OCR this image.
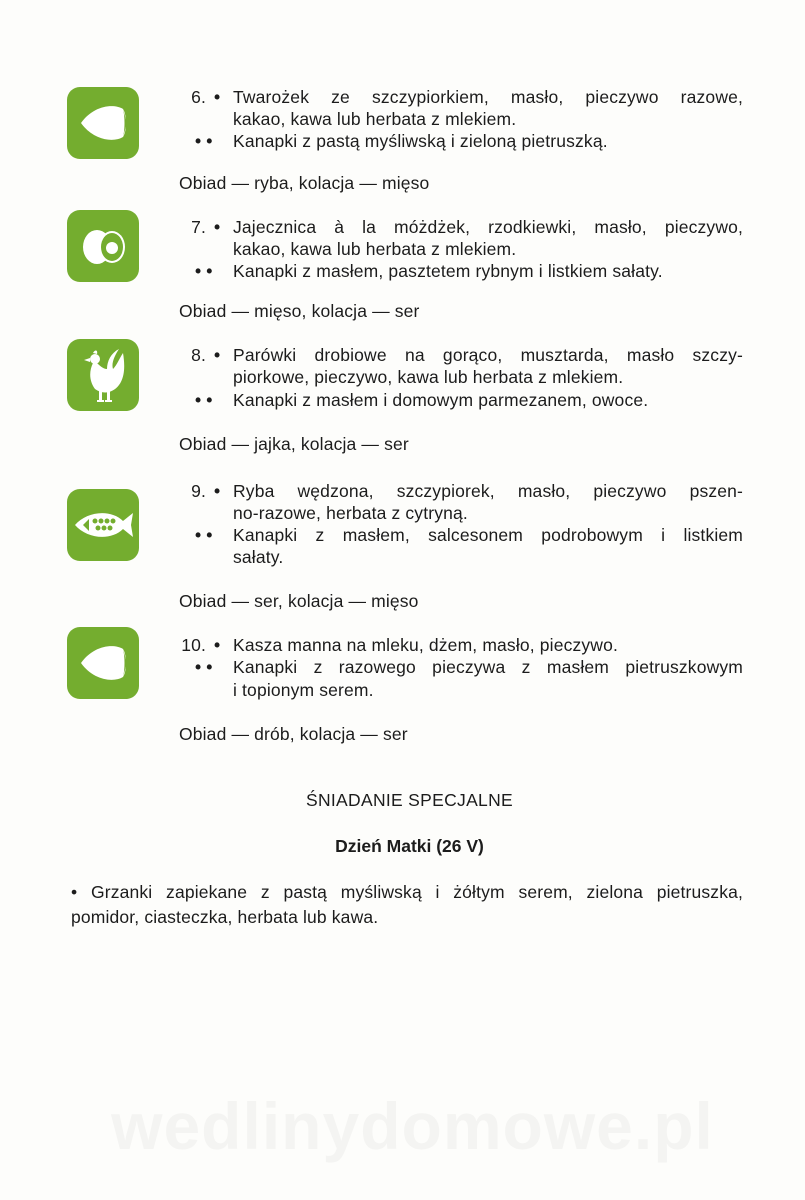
6. • Twarożek ze szczypiorkiem, masło, pieczywo razowe,
kakao, kawa lub herbata z mlekiem.
• • Kanapki z pastą myśliwską i zieloną pietruszką.
Obiad — ryba, kolacja — mięso
7. • Jajecznica à la móżdżek, rzodkiewki, masło, pieczywo,
kakao, kawa lub herbata z mlekiem.
• • Kanapki z masłem, pasztetem rybnym i listkiem sałaty.
Obiad — mięso, kolacja — ser
8. • Parówki drobiowe na gorąco, musztarda, masło szczy-
piorkowe, pieczywo, kawa lub herbata z mlekiem.
• • Kanapki z masłem i domowym parmezanem, owoce.
Obiad — jajka, kolacja — ser
9. • Ryba wędzona, szczypiorek, masło, pieczywo pszen-
no-razowe, herbata z cytryną.
• • Kanapki z masłem, salcesonem podrobowym i listkiem
sałaty.
Obiad — ser, kolacja — mięso
10. • Kasza manna na mleku, dżem, masło, pieczywo.
• • Kanapki z razowego pieczywa z masłem pietruszkowym
i topionym serem.
Obiad — drób, kolacja — ser
ŚNIADANIE SPECJALNE
Dzień Matki (26 V)
• Grzanki zapiekane z pastą myśliwską i żółtym serem, zielona pietruszka,
pomidor, ciasteczka, herbata lub kawa.
wedlinydomowe.pl
